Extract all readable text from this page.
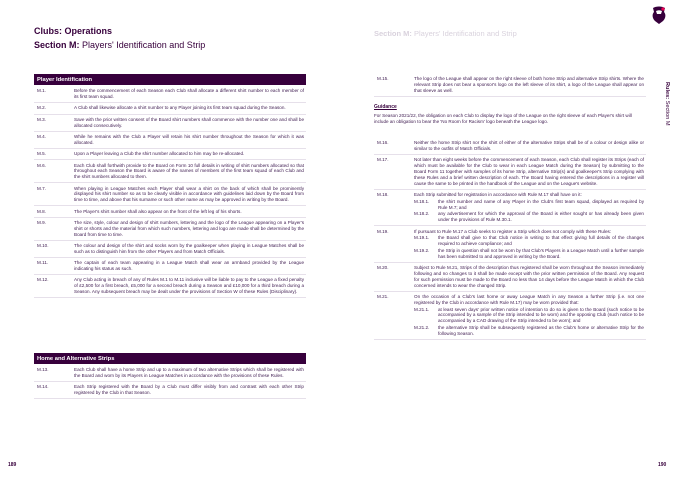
Clubs: Operations
Section M: Players' Identification and Strip
Player Identification
M.1.	Before the commencement of each Season each Club shall allocate a different shirt number to each member of its first team squad.
M.2.	A Club shall likewise allocate a shirt number to any Player joining its first team squad during the Season.
M.3.	Save with the prior written consent of the Board shirt numbers shall commence with the number one and shall be allocated consecutively.
M.4.	While he remains with the Club a Player will retain his shirt number throughout the Season for which it was allocated.
M.5.	Upon a Player leaving a Club the shirt number allocated to him may be re-allocated.
M.6.	Each Club shall forthwith provide to the Board on Form 10 full details in writing of shirt numbers allocated so that throughout each Season the Board is aware of the names of members of the first team squad of each Club and the shirt numbers allocated to them.
M.7.	When playing in League Matches each Player shall wear a shirt on the back of which shall be prominently displayed his shirt number so as to be clearly visible in accordance with guidelines laid down by the Board from time to time, and above that his surname or such other name as may be approved in writing by the Board.
M.8.	The Player's shirt number shall also appear on the front of the left leg of his shorts.
M.9.	The size, style, colour and design of shirt numbers, lettering and the logo of the League appearing on a Player's shirt or shorts and the material from which such numbers, lettering and logo are made shall be determined by the Board from time to time.
M.10.	The colour and design of the shirt and socks worn by the goalkeeper when playing in League Matches shall be such as to distinguish him from the other Players and from Match Officials.
M.11.	The captain of each team appearing in a League Match shall wear an armband provided by the League indicating his status as such.
M.12.	Any Club acting in breach of any of Rules M.1 to M.11 inclusive will be liable to pay to the League a fixed penalty of £2,500 for a first breach, £5,000 for a second breach during a Season and £10,000 for a third breach during a Season. Any subsequent breach may be dealt under the provisions of Section W of these Rules (Disciplinary).
Home and Alternative Strips
M.13.	Each Club shall have a home Strip and up to a maximum of two alternative Strips which shall be registered with the Board and worn by its Players in League Matches in accordance with the provisions of these Rules.
M.14.	Each Strip registered with the Board by a Club must differ visibly from and contrast with each other Strip registered by the Club in that Season.
189
Section M: Players' Identification and Strip
M.15.	The logo of the League shall appear on the right sleeve of both home Strip and alternative Strip shirts. Where the relevant Strip does not bear a sponsor's logo on the left sleeve of its shirt, a logo of the League shall appear on that sleeve as well.
Guidance
For Season 2021/22, the obligation on each Club to display the logo of the League on the right sleeve of each Player's shirt will include an obligation to bear the 'No Room for Racism' logo beneath the League logo.
M.16.	Neither the home Strip shirt nor the shirt of either of the alternative Strips shall be of a colour or design alike or similar to the outfits of Match Officials.
M.17.	Not later than eight weeks before the commencement of each Season, each Club shall register its Strips (each of which must be available for the Club to wear in each League Match during the Season) by submitting to the Board Form 11 together with samples of its home Strip, alternative Strip(s) and goalkeeper's Strip complying with these Rules and a brief written description of each. The Board having entered the descriptions in a register will cause the same to be printed in the handbook of the League and on the League's website.
M.18.	Each Strip submitted for registration in accordance with Rule M.17 shall have on it:
M.18.1.	the shirt number and name of any Player in the Club's first team squad, displayed as required by Rule M.7; and
M.18.2.	any advertisement for which the approval of the Board is either sought or has already been given under the provisions of Rule M.30.1.
M.19.	If pursuant to Rule M.17 a Club seeks to register a Strip which does not comply with these Rules:
M.19.1.	the Board shall give to that Club notice in writing to that effect giving full details of the changes required to achieve compliance; and
M.19.2.	the Strip in question shall not be worn by that Club's Players in a League Match until a further sample has been submitted to and approved in writing by the Board.
M.20.	Subject to Rule M.21, Strips of the description thus registered shall be worn throughout the Season immediately following and no changes to it shall be made except with the prior written permission of the Board. Any request for such permission must be made to the Board no less than 14 days before the League Match in which the Club concerned intends to wear the changed Strip.
M.21.	On the occasion of a Club's last home or away League Match in any Season a further Strip (i.e. not one registered by the Club in accordance with Rule M.17) may be worn provided that:
M.21.1.	at least seven days' prior written notice of intention to do so is given to the Board (such notice to be accompanied by a sample of the Strip intended to be worn) and the opposing Club (such notice to be accompanied by a CAD drawing of the Strip intended to be worn); and
M.21.2.	the alternative Strip shall be subsequently registered as the Club's home or alternative Strip for the following Season.
190
Rules: Section M
